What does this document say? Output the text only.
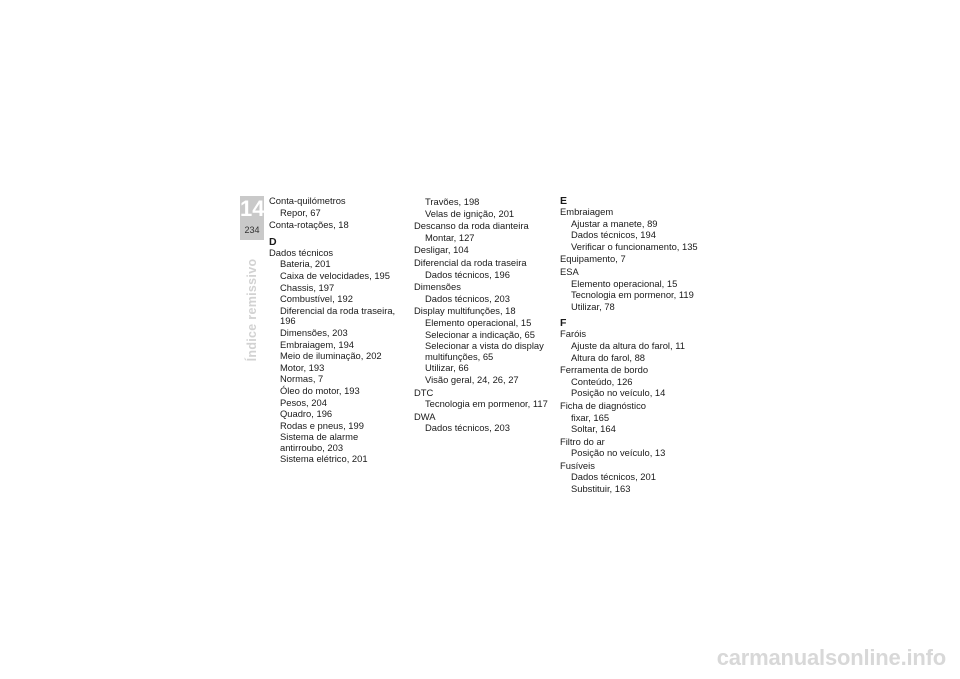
14
234
Índice remissivo
Conta-quilómetros
Repor, 67
Conta-rotações, 18
D
Dados técnicos
Bateria, 201
Caixa de velocidades, 195
Chassis, 197
Combustível, 192
Diferencial da roda traseira, 196
Dimensões, 203
Embraiagem, 194
Meio de iluminação, 202
Motor, 193
Normas, 7
Óleo do motor, 193
Pesos, 204
Quadro, 196
Rodas e pneus, 199
Sistema de alarme antirroubo, 203
Sistema elétrico, 201
Travões, 198
Velas de ignição, 201
Descanso da roda dianteira
Montar, 127
Desligar, 104
Diferencial da roda traseira
Dados técnicos, 196
Dimensões
Dados técnicos, 203
Display multifunções, 18
Elemento operacional, 15
Selecionar a indicação, 65
Selecionar a vista do display multifunções, 65
Utilizar, 66
Visão geral, 24, 26, 27
DTC
Tecnologia em pormenor, 117
DWA
Dados técnicos, 203
E
Embraiagem
Ajustar a manete, 89
Dados técnicos, 194
Verificar o funcionamento, 135
Equipamento, 7
ESA
Elemento operacional, 15
Tecnologia em pormenor, 119
Utilizar, 78
F
Faróis
Ajuste da altura do farol, 11
Altura do farol, 88
Ferramenta de bordo
Conteúdo, 126
Posição no veículo, 14
Ficha de diagnóstico
fixar, 165
Soltar, 164
Filtro do ar
Posição no veículo, 13
Fusíveis
Dados técnicos, 201
Substituir, 163
carmanualsonline.info
